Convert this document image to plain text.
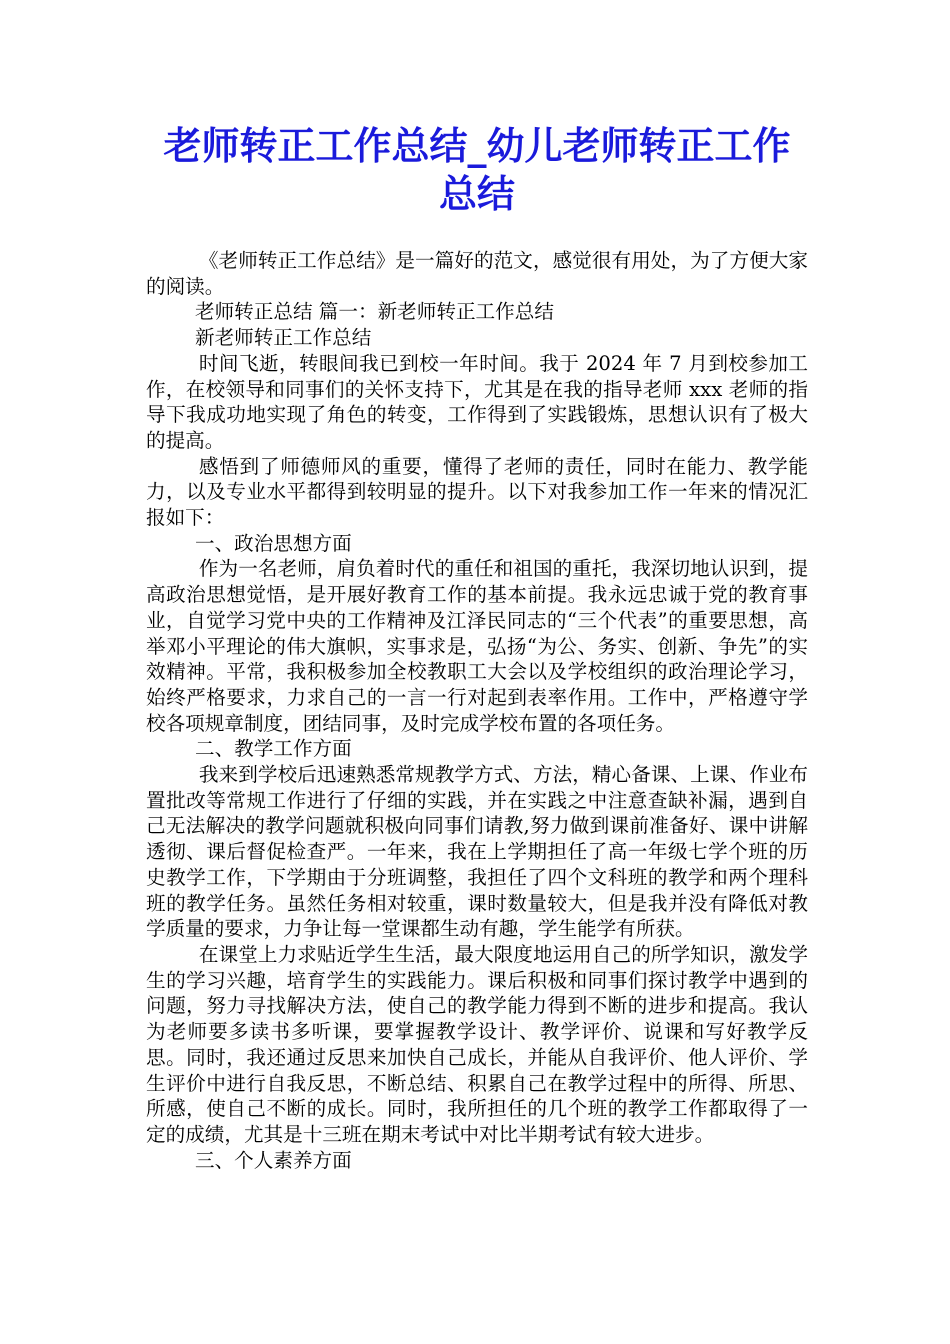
老师转正工作总结_幼儿老师转正工作总结

《老师转正工作总结》是一篇好的范文，感觉很有用处，为了方便大家的阅读。

老师转正总结 篇一：新老师转正工作总结

新老师转正工作总结

时间飞逝，转眼间我已到校一年时间。我于 2024 年 7 月到校参加工作，在校领导和同事们的关怀支持下，尤其是在我的指导老师 xxx 老师的指导下我成功地实现了角色的转变，工作得到了实践锻炼，思想认识有了极大的提高。

感悟到了师德师风的重要，懂得了老师的责任，同时在能力、教学能力，以及专业水平都得到较明显的提升。以下对我参加工作一年来的情况汇报如下：

一、政治思想方面

作为一名老师，肩负着时代的重任和祖国的重托，我深切地认识到，提高政治思想觉悟，是开展好教育工作的基本前提。我永远忠诚于党的教育事业，自觉学习党中央的工作精神及江泽民同志的“三个代表”的重要思想，高举邓小平理论的伟大旗帜，实事求是，弘扬“为公、务实、创新、争先”的实效精神。平常，我积极参加全校教职工大会以及学校组织的政治理论学习，始终严格要求，力求自己的一言一行对起到表率作用。工作中，严格遵守学校各项规章制度，团结同事，及时完成学校布置的各项任务。

二、教学工作方面

我来到学校后迅速熟悉常规教学方式、方法，精心备课、上课、作业布置批改等常规工作进行了仔细的实践，并在实践之中注意查缺补漏，遇到自己无法解决的教学问题就积极向同事们请教,努力做到课前准备好、课中讲解透彻、课后督促检查严。一年来，我在上学期担任了高一年级七学个班的历史教学工作，下学期由于分班调整，我担任了四个文科班的教学和两个理科班的教学任务。虽然任务相对较重，课时数量较大，但是我并没有降低对教学质量的要求，力争让每一堂课都生动有趣，学生能学有所获。

在课堂上力求贴近学生生活，最大限度地运用自己的所学知识，激发学生的学习兴趣，培育学生的实践能力。课后积极和同事们探讨教学中遇到的问题，努力寻找解决方法，使自己的教学能力得到不断的进步和提高。我认为老师要多读书多听课，要掌握教学设计、教学评价、说课和写好教学反思。同时，我还通过反思来加快自己成长，并能从自我评价、他人评价、学生评价中进行自我反思，不断总结、积累自己在教学过程中的所得、所思、所感，使自己不断的成长。同时，我所担任的几个班的教学工作都取得了一定的成绩，尤其是十三班在期末考试中对比半期考试有较大进步。

三、个人素养方面
